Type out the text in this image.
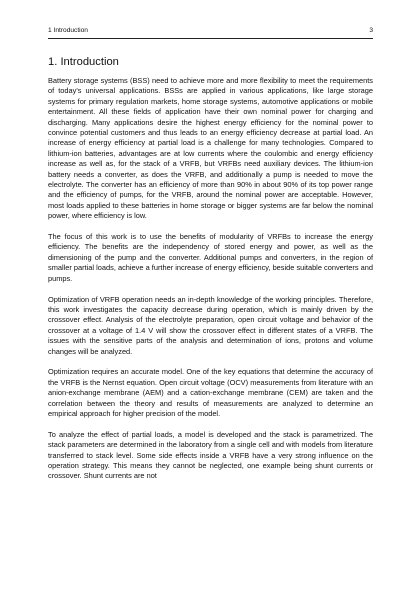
1 Introduction	3
1. Introduction

Battery storage systems (BSS) need to achieve more and more flexibility to meet the requirements of today's universal applications. BSSs are applied in various applications, like large storage systems for primary regulation markets, home storage systems, automotive applications or mobile entertainment. All these fields of application have their own nominal power for charging and discharging. Many applications desire the highest energy efficiency for the nominal power to convince potential customers and thus leads to an energy efficiency decrease at partial load. An increase of energy efficiency at partial load is a challenge for many technologies. Compared to lithium-ion batteries, advantages are at low currents where the coulombic and energy efficiency increase as well as, for the stack of a VRFB, but VRFBs need auxiliary devices. The lithium-ion battery needs a converter, as does the VRFB, and additionally a pump is needed to move the electrolyte. The converter has an efficiency of more than 90% in about 90% of its top power range and the efficiency of pumps, for the VRFB, around the nominal power are acceptable. However, most loads applied to these batteries in home storage or bigger systems are far below the nominal power, where efficiency is low.

The focus of this work is to use the benefits of modularity of VRFBs to increase the energy efficiency. The benefits are the independency of stored energy and power, as well as the dimensioning of the pump and the converter. Additional pumps and converters, in the region of smaller partial loads, achieve a further increase of energy efficiency, beside suitable converters and pumps.

Optimization of VRFB operation needs an in-depth knowledge of the working principles. Therefore, this work investigates the capacity decrease during operation, which is mainly driven by the crossover effect. Analysis of the electrolyte preparation, open circuit voltage and behavior of the crossover at a voltage of 1.4 V will show the crossover effect in different states of a VRFB. The issues with the sensitive parts of the analysis and determination of ions, protons and volume changes will be analyzed.

Optimization requires an accurate model. One of the key equations that determine the accuracy of the VRFB is the Nernst equation. Open circuit voltage (OCV) measurements from literature with an anion-exchange membrane (AEM) and a cation-exchange membrane (CEM) are taken and the correlation between the theory and results of measurements are analyzed to determine an empirical approach for higher precision of the model.

To analyze the effect of partial loads, a model is developed and the stack is parametrized. The stack parameters are determined in the laboratory from a single cell and with models from literature transferred to stack level. Some side effects inside a VRFB have a very strong influence on the operation strategy. This means they cannot be neglected, one example being shunt currents or crossover. Shunt currents are not
